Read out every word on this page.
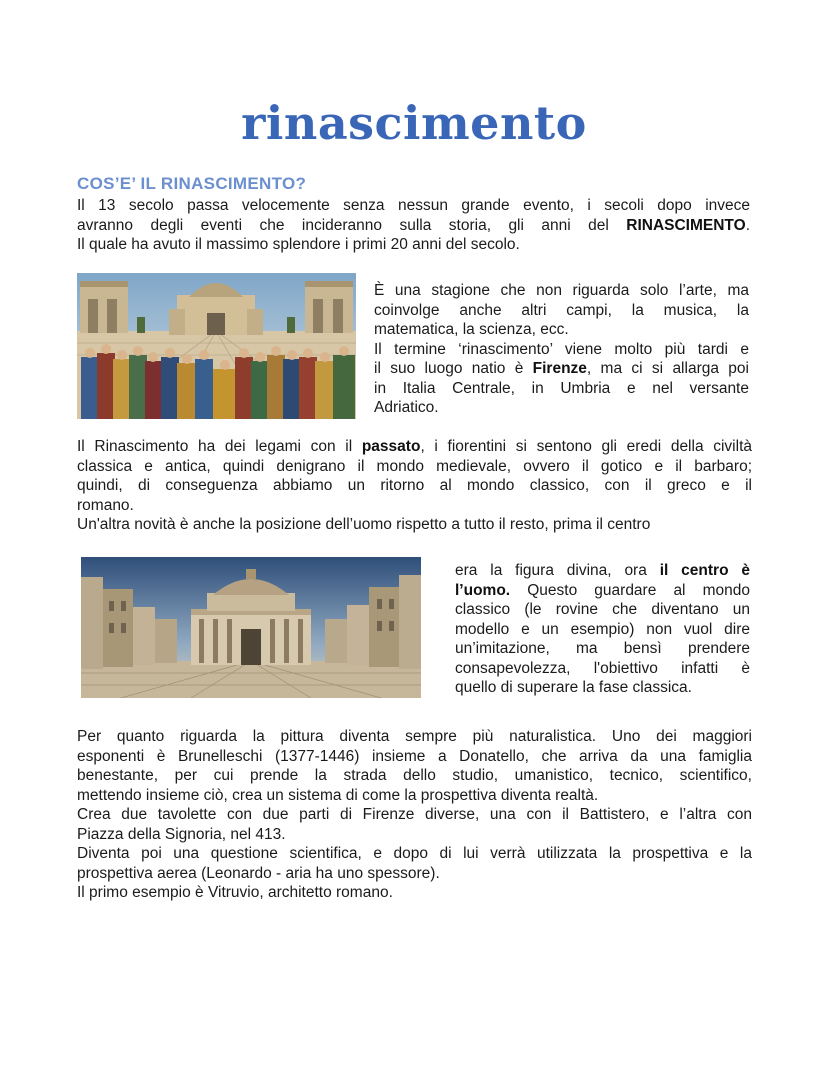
rinascimento
COS’E’ IL RINASCIMENTO?
Il 13 secolo passa velocemente senza nessun grande evento, i secoli dopo invece
avranno degli eventi che incideranno sulla storia, gli anni del RINASCIMENTO.
Il quale ha avuto il massimo splendore i primi 20 anni del secolo.
È una stagione che non riguarda solo l’arte, ma
coinvolge anche altri campi, la musica, la
matematica, la scienza, ecc.
Il termine ‘rinascimento’ viene molto più tardi e
il suo luogo natio è Firenze, ma ci si allarga poi
in Italia Centrale, in Umbria e nel versante
Adriatico.
Il Rinascimento ha dei legami con il passato, i fiorentini si sentono gli eredi della civiltà
classica e antica, quindi denigrano il mondo medievale, ovvero il gotico e il barbaro;
quindi, di conseguenza abbiamo un ritorno al mondo classico, con il greco e il
romano.
Un'altra novità è anche la posizione dell’uomo rispetto a tutto il resto, prima il centro
era la figura divina, ora il centro è
l’uomo. Questo guardare al mondo
classico (le rovine che diventano un
modello e un esempio) non vuol dire
un’imitazione, ma bensì prendere
consapevolezza, l'obiettivo infatti è
quello di superare la fase classica.
Per quanto riguarda la pittura diventa sempre più naturalistica. Uno dei maggiori
esponenti è Brunelleschi (1377-1446) insieme a Donatello, che arriva da una famiglia
benestante, per cui prende la strada dello studio, umanistico, tecnico, scientifico,
mettendo insieme ciò, crea un sistema di come la prospettiva diventa realtà.
Crea due tavolette con due parti di Firenze diverse, una con il Battistero, e l’altra con
Piazza della Signoria, nel 413.
Diventa poi una questione scientifica, e dopo di lui verrà utilizzata la prospettiva e la
prospettiva aerea (Leonardo - aria ha uno spessore).
Il primo esempio è Vitruvio, architetto romano.
